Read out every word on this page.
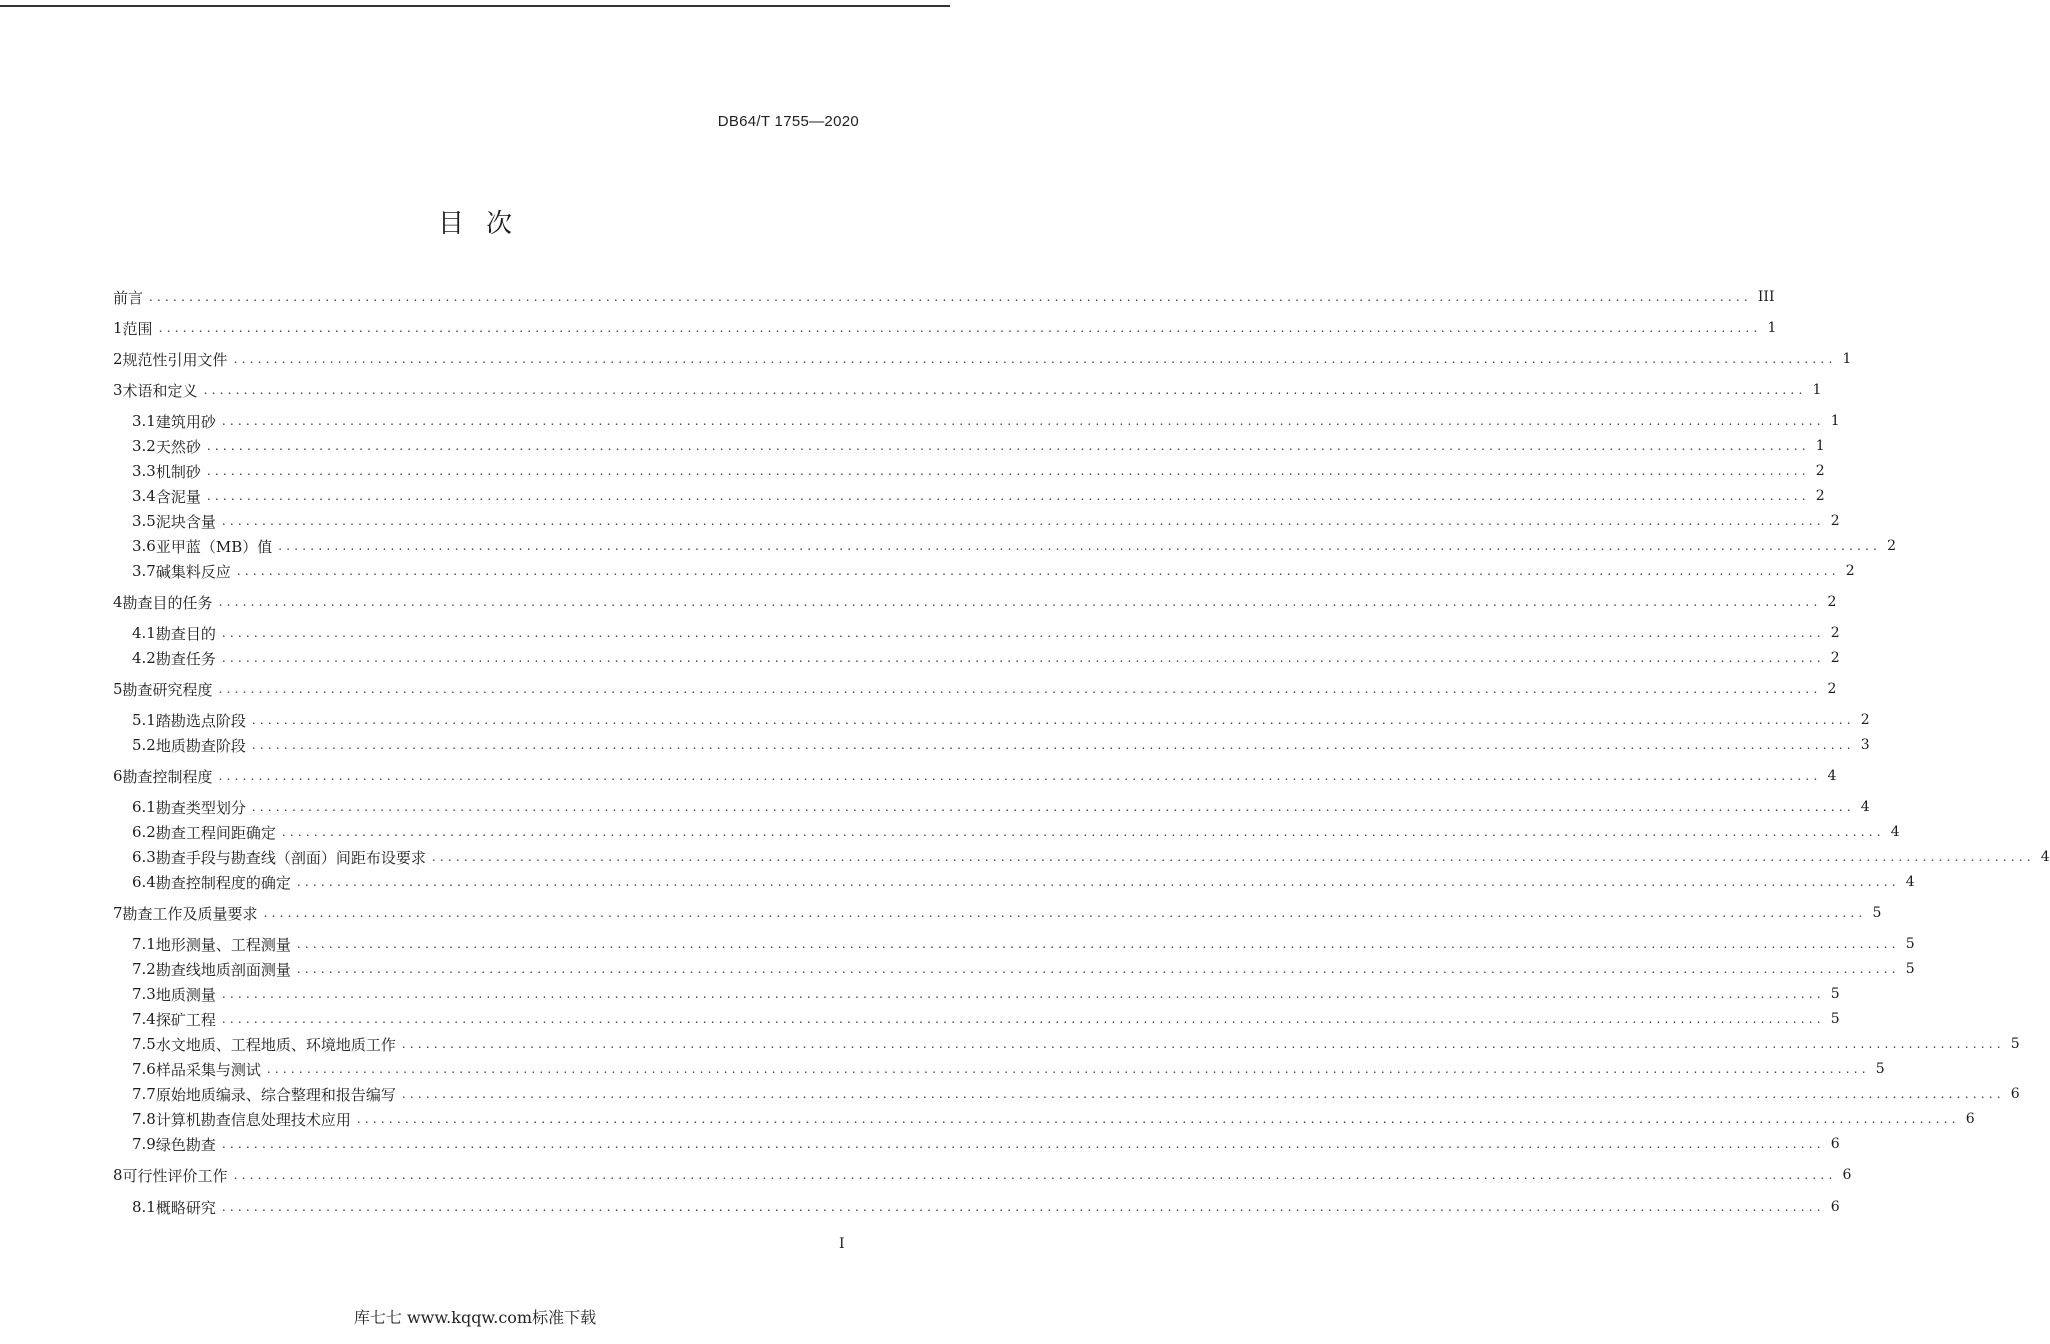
DB64/T 1755—2020
目次
前言 ........................................................................................................................................................................................................ III
1 范围 ........................................................................................................................................................................................................ 1
2 规范性引用文件 ........................................................................................................................................................................................................ 1
3 术语和定义 ........................................................................................................................................................................................................ 1
3.1 建筑用砂 ........................................................................................................................................................................................................ 1
3.2 天然砂 ........................................................................................................................................................................................................ 1
3.3 机制砂 ........................................................................................................................................................................................................ 2
3.4 含泥量 ........................................................................................................................................................................................................ 2
3.5 泥块含量 ........................................................................................................................................................................................................ 2
3.6 亚甲蓝（MB）值 ........................................................................................................................................................................................................ 2
3.7 碱集料反应 ........................................................................................................................................................................................................ 2
4 勘查目的任务 ........................................................................................................................................................................................................ 2
4.1 勘查目的 ........................................................................................................................................................................................................ 2
4.2 勘查任务 ........................................................................................................................................................................................................ 2
5 勘查研究程度 ........................................................................................................................................................................................................ 2
5.1 踏勘选点阶段 ........................................................................................................................................................................................................ 2
5.2 地质勘查阶段 ........................................................................................................................................................................................................ 3
6 勘查控制程度 ........................................................................................................................................................................................................ 4
6.1 勘查类型划分 ........................................................................................................................................................................................................ 4
6.2 勘查工程间距确定 ........................................................................................................................................................................................................ 4
6.3 勘查手段与勘查线（剖面）间距布设要求 ........................................................................................................................................................................................................ 4
6.4 勘查控制程度的确定 ........................................................................................................................................................................................................ 4
7 勘查工作及质量要求 ........................................................................................................................................................................................................ 5
7.1 地形测量、工程测量 ........................................................................................................................................................................................................ 5
7.2 勘查线地质剖面测量 ........................................................................................................................................................................................................ 5
7.3 地质测量 ........................................................................................................................................................................................................ 5
7.4 探矿工程 ........................................................................................................................................................................................................ 5
7.5 水文地质、工程地质、环境地质工作 ........................................................................................................................................................................................................ 5
7.6 样品采集与测试 ........................................................................................................................................................................................................ 5
7.7 原始地质编录、综合整理和报告编写 ........................................................................................................................................................................................................ 6
7.8 计算机勘查信息处理技术应用 ........................................................................................................................................................................................................ 6
7.9 绿色勘查 ........................................................................................................................................................................................................ 6
8 可行性评价工作 ........................................................................................................................................................................................................ 6
8.1 概略研究 ........................................................................................................................................................................................................ 6
I
库七七 www.kqqw.com标准下载
